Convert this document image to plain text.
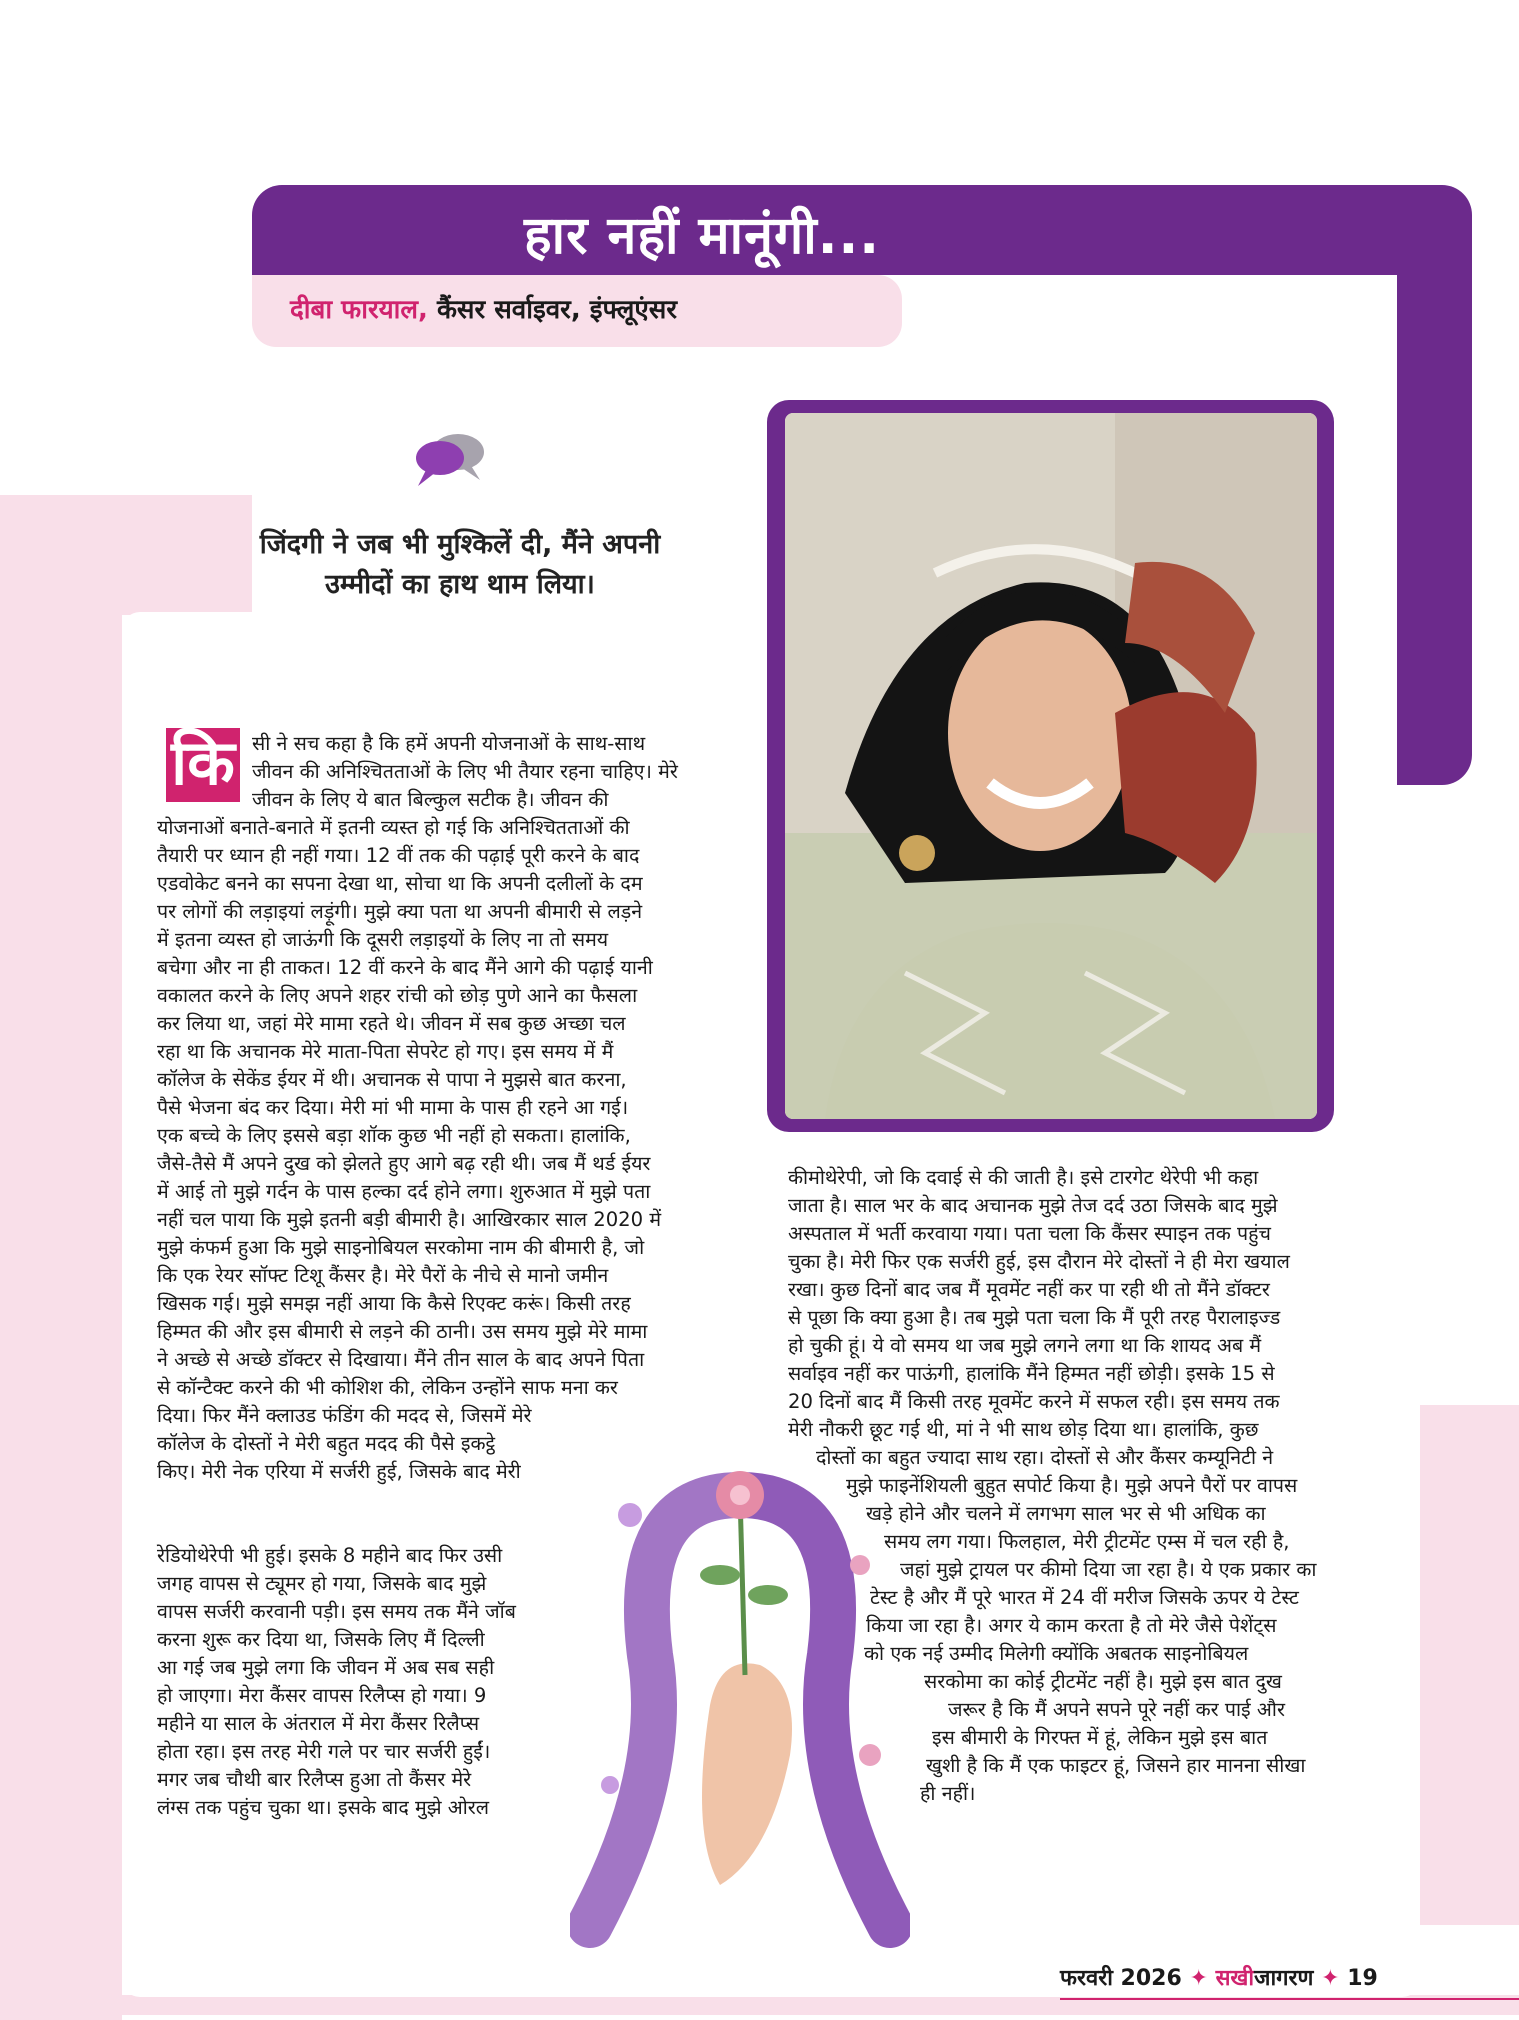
हार नहीं मानूंगी...
दीबा फारयाल, कैंसर सर्वाइवर, इंफ्लूएंसर
जिंदगी ने जब भी मुश्किलें दी, मैंने अपनी
उम्मीदों का हाथ थाम लिया।
कि सी ने सच कहा है कि हमें अपनी योजनाओं के साथ-साथ
जीवन की अनिश्चितताओं के लिए भी तैयार रहना चाहिए। मेरे
जीवन के लिए ये बात बिल्कुल सटीक है। जीवन की
योजनाओं बनाते-बनाते में इतनी व्यस्त हो गई कि अनिश्चितताओं की
तैयारी पर ध्यान ही नहीं गया। 12 वीं तक की पढ़ाई पूरी करने के बाद
एडवोकेट बनने का सपना देखा था, सोचा था कि अपनी दलीलों के दम
पर लोगों की लड़ाइयां लड़ूंगी। मुझे क्या पता था अपनी बीमारी से लड़ने
में इतना व्यस्त हो जाऊंगी कि दूसरी लड़ाइयों के लिए ना तो समय
बचेगा और ना ही ताकत। 12 वीं करने के बाद मैंने आगे की पढ़ाई यानी
वकालत करने के लिए अपने शहर रांची को छोड़ पुणे आने का फैसला
कर लिया था, जहां मेरे मामा रहते थे। जीवन में सब कुछ अच्छा चल
रहा था कि अचानक मेरे माता-पिता सेपरेट हो गए। इस समय में मैं
कॉलेज के सेकेंड ईयर में थी। अचानक से पापा ने मुझसे बात करना,
पैसे भेजना बंद कर दिया। मेरी मां भी मामा के पास ही रहने आ गई।
एक बच्चे के लिए इससे बड़ा शॉक कुछ भी नहीं हो सकता। हालांकि,
जैसे-तैसे मैं अपने दुख को झेलते हुए आगे बढ़ रही थी। जब मैं थर्ड ईयर
में आई तो मुझे गर्दन के पास हल्का दर्द होने लगा। शुरुआत में मुझे पता
नहीं चल पाया कि मुझे इतनी बड़ी बीमारी है। आखिरकार साल 2020 में
मुझे कंफर्म हुआ कि मुझे साइनोबियल सरकोमा नाम की बीमारी है, जो
कि एक रेयर सॉफ्ट टिशू कैंसर है। मेरे पैरों के नीचे से मानो जमीन
खिसक गई। मुझे समझ नहीं आया कि कैसे रिएक्ट करूं। किसी तरह
हिम्मत की और इस बीमारी से लड़ने की ठानी। उस समय मुझे मेरे मामा
ने अच्छे से अच्छे डॉक्टर से दिखाया। मैंने तीन साल के बाद अपने पिता
से कॉन्टैक्ट करने की भी कोशिश की, लेकिन उन्होंने साफ मना कर
दिया। फिर मैंने क्लाउड फंडिंग की मदद से, जिसमें मेरे
कॉलेज के दोस्तों ने मेरी बहुत मदद की पैसे इकट्ठे
किए। मेरी नेक एरिया में सर्जरी हुई, जिसके बाद मेरी
रेडियोथेरेपी भी हुई। इसके 8 महीने बाद फिर उसी
जगह वापस से ट्यूमर हो गया, जिसके बाद मुझे
वापस सर्जरी करवानी पड़ी। इस समय तक मैंने जॉब
करना शुरू कर दिया था, जिसके लिए मैं दिल्ली
आ गई जब मुझे लगा कि जीवन में अब सब सही
हो जाएगा। मेरा कैंसर वापस रिलैप्स हो गया। 9
महीने या साल के अंतराल में मेरा कैंसर रिलैप्स
होता रहा। इस तरह मेरी गले पर चार सर्जरी हुईं।
मगर जब चौथी बार रिलैप्स हुआ तो कैंसर मेरे
लंग्स तक पहुंच चुका था। इसके बाद मुझे ओरल
कीमोथेरेपी, जो कि दवाई से की जाती है। इसे टारगेट थेरेपी भी कहा
जाता है। साल भर के बाद अचानक मुझे तेज दर्द उठा जिसके बाद मुझे
अस्पताल में भर्ती करवाया गया। पता चला कि कैंसर स्पाइन तक पहुंच
चुका है। मेरी फिर एक सर्जरी हुई, इस दौरान मेरे दोस्तों ने ही मेरा खयाल
रखा। कुछ दिनों बाद जब मैं मूवमेंट नहीं कर पा रही थी तो मैंने डॉक्टर
से पूछा कि क्या हुआ है। तब मुझे पता चला कि मैं पूरी तरह पैरालाइज्ड
हो चुकी हूं। ये वो समय था जब मुझे लगने लगा था कि शायद अब मैं
सर्वाइव नहीं कर पाऊंगी, हालांकि मैंने हिम्मत नहीं छोड़ी। इसके 15 से
20 दिनों बाद मैं किसी तरह मूवमेंट करने में सफल रही। इस समय तक
मेरी नौकरी छूट गई थी, मां ने भी साथ छोड़ दिया था। हालांकि, कुछ
दोस्तों का बहुत ज्यादा साथ रहा। दोस्तों से और कैंसर कम्यूनिटी ने
मुझे फाइनेंशियली बुहुत सपोर्ट किया है। मुझे अपने पैरों पर वापस
खड़े होने और चलने में लगभग साल भर से भी अधिक का
समय लग गया। फिलहाल, मेरी ट्रीटमेंट एम्स में चल रही है,
जहां मुझे ट्रायल पर कीमो दिया जा रहा है। ये एक प्रकार का
टेस्ट है और मैं पूरे भारत में 24 वीं मरीज जिसके ऊपर ये टेस्ट
किया जा रहा है। अगर ये काम करता है तो मेरे जैसे पेशेंट्स
को एक नई उम्मीद मिलेगी क्योंकि अबतक साइनोबियल
सरकोमा का कोई ट्रीटमेंट नहीं है। मुझे इस बात दुख
जरूर है कि मैं अपने सपने पूरे नहीं कर पाई और
इस बीमारी के गिरफ्त में हूं, लेकिन मुझे इस बात
खुशी है कि मैं एक फाइटर हूं, जिसने हार मानना सीखा
ही नहीं।
फरवरी 2026 ✦ सखीजागरण ✦ 19
